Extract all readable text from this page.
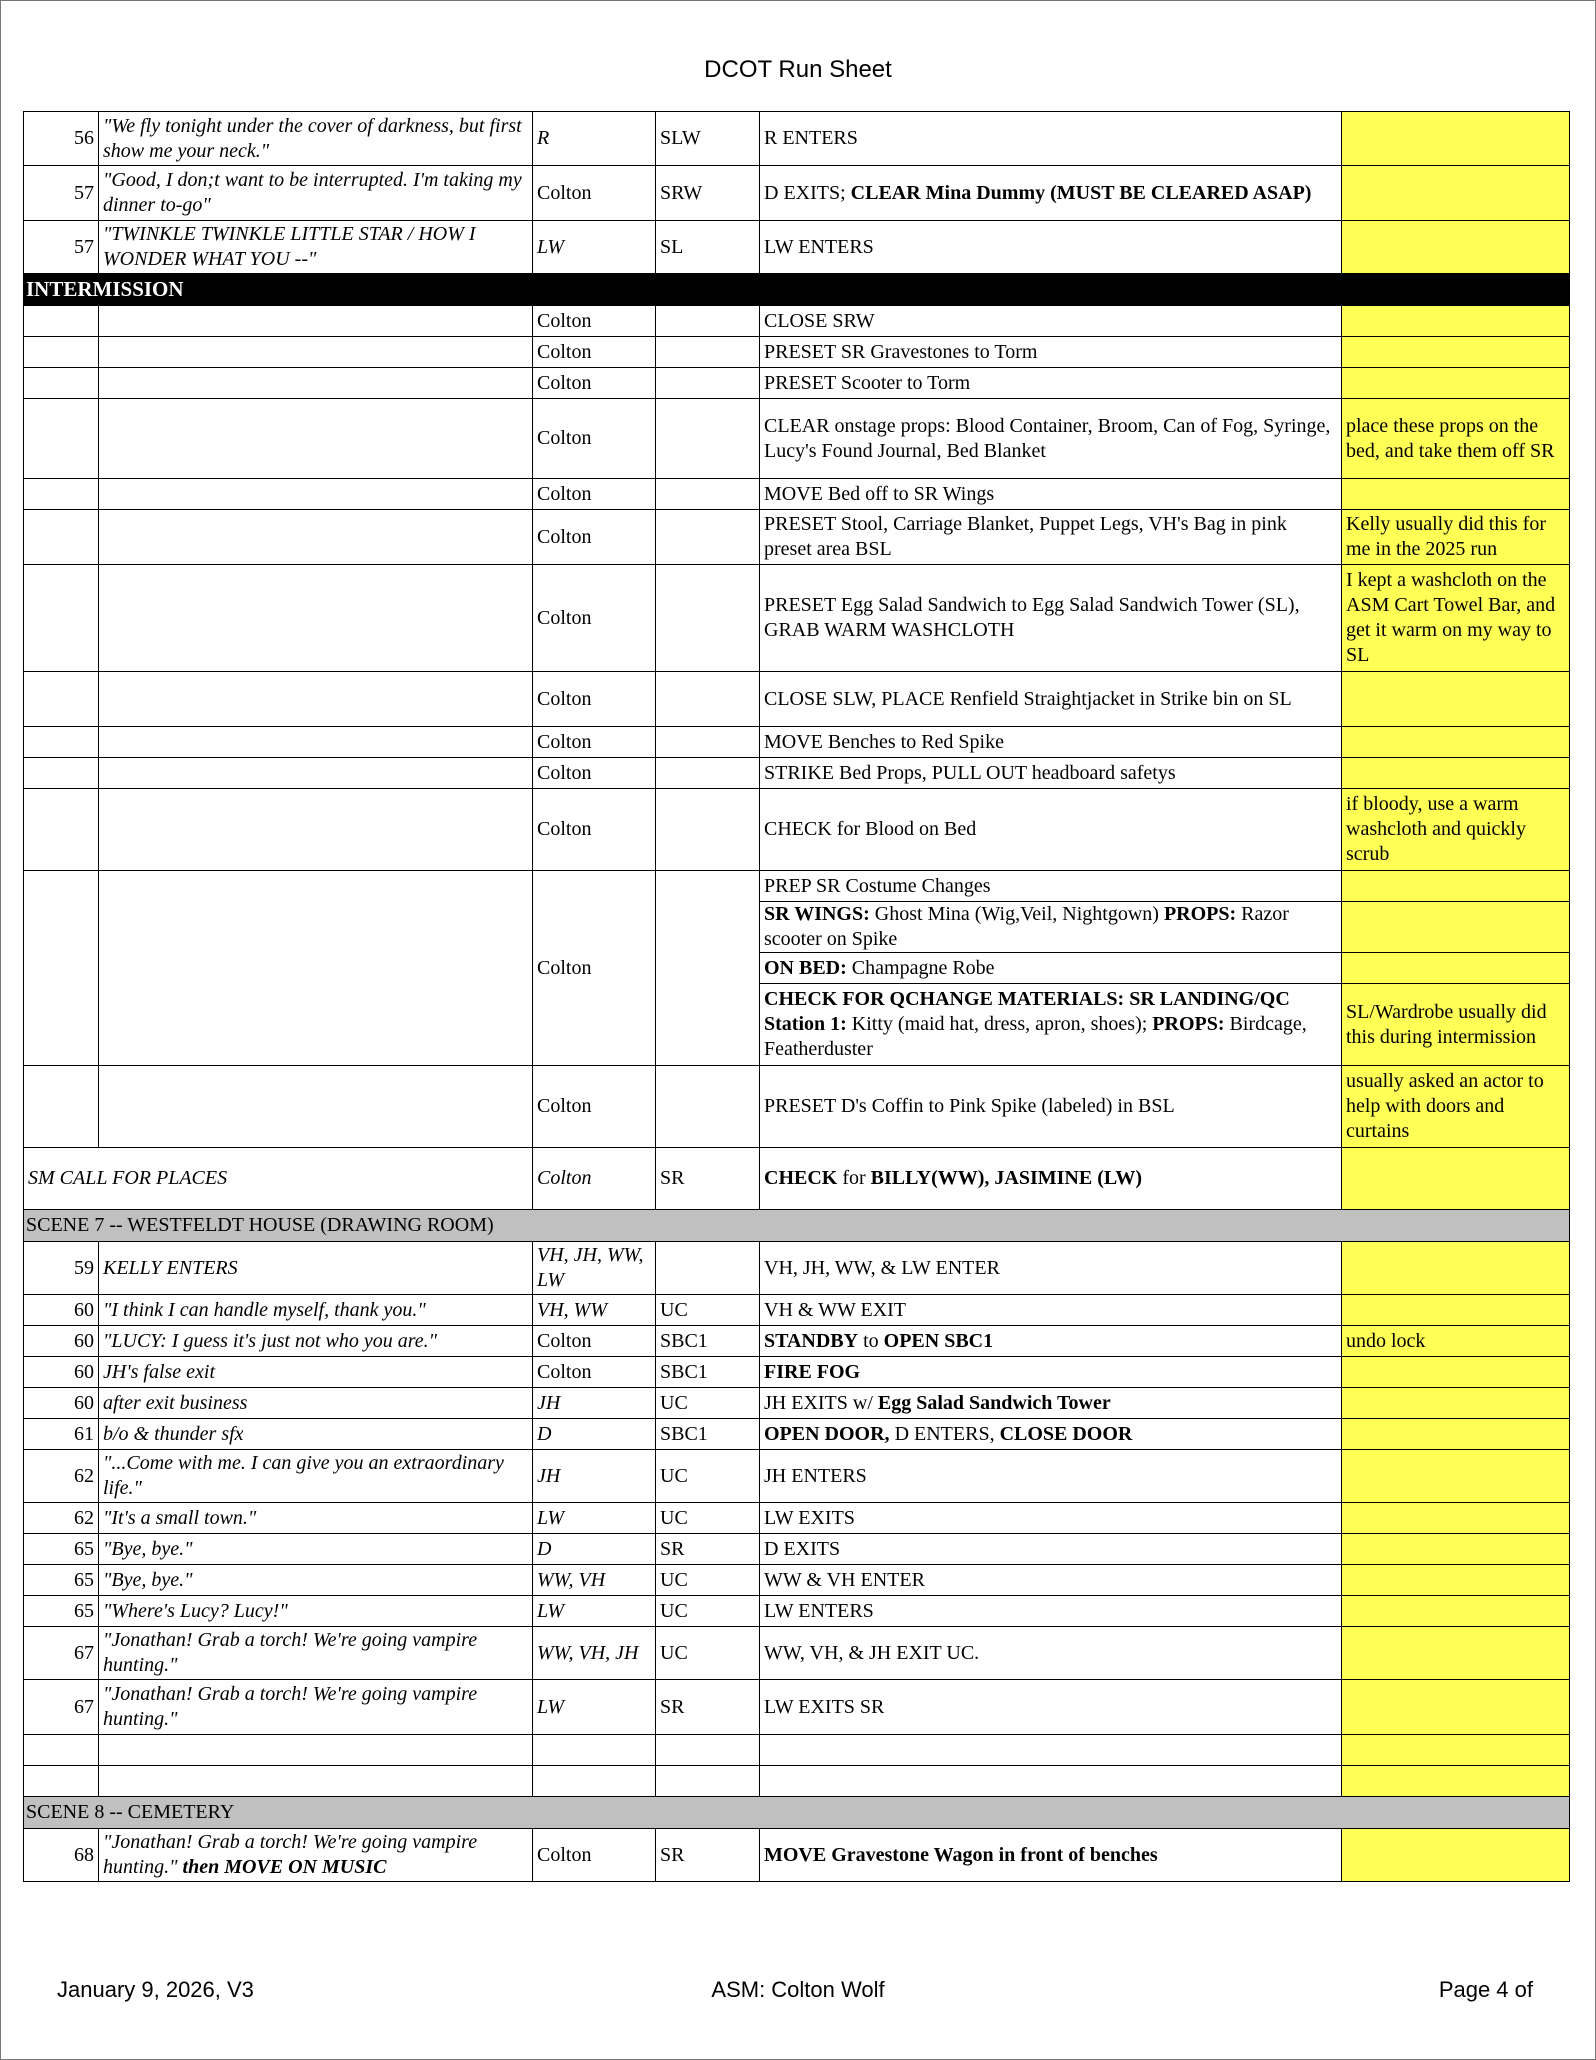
DCOT Run Sheet
56	"We fly tonight under the cover of darkness, but first show me your neck."	R	SLW	R ENTERS	
57	"Good, I don;t want to be interrupted. I'm taking my dinner to-go"	Colton	SRW	D EXITS; CLEAR Mina Dummy (MUST BE CLEARED ASAP)	
57	"TWINKLE TWINKLE LITTLE STAR / HOW I WONDER WHAT YOU --"	LW	SL	LW ENTERS	
INTERMISSION					
		Colton		CLOSE SRW	
		Colton		PRESET SR Gravestones to Torm	
		Colton		PRESET Scooter to Torm	
		Colton		CLEAR onstage props: Blood Container, Broom, Can of Fog, Syringe, Lucy's Found Journal, Bed Blanket	place these props on the bed, and take them off SR
		Colton		MOVE Bed off to SR Wings	
		Colton		PRESET Stool, Carriage Blanket, Puppet Legs, VH's Bag in pink preset area BSL	Kelly usually did this for me in the 2025 run
		Colton		PRESET Egg Salad Sandwich to Egg Salad Sandwich Tower (SL), GRAB WARM WASHCLOTH	I kept a washcloth on the ASM Cart Towel Bar, and get it warm on my way to SL
		Colton		CLOSE SLW, PLACE Renfield Straightjacket in Strike bin on SL	
		Colton		MOVE Benches to Red Spike	
		Colton		STRIKE Bed Props, PULL OUT headboard safetys	
		Colton		CHECK for Blood on Bed	if bloody, use a warm washcloth and quickly scrub
		Colton		PREP SR Costume Changes	
				SR WINGS: Ghost Mina (Wig,Veil, Nightgown) PROPS: Razor scooter on Spike	
				ON BED: Champagne Robe	
				CHECK FOR QCHANGE MATERIALS: SR LANDING/QC Station 1: Kitty (maid hat, dress, apron, shoes); PROPS: Birdcage, Featherduster	SL/Wardrobe usually did this during intermission
		Colton		PRESET D's Coffin to Pink Spike (labeled) in BSL	usually asked an actor to help with doors and curtains
SM CALL FOR PLACES		Colton	SR	CHECK for BILLY(WW), JASIMINE (LW)	
SCENE 7 -- WESTFELDT HOUSE (DRAWING ROOM)					
59	KELLY ENTERS	VH, JH, WW, LW		VH, JH, WW, & LW ENTER	
60	"I think I can handle myself, thank you."	VH, WW	UC	VH & WW EXIT	
60	"LUCY: I guess it's just not who you are."	Colton	SBC1	STANDBY to OPEN SBC1	undo lock
60	JH's false exit	Colton	SBC1	FIRE FOG	
60	after exit business	JH	UC	JH EXITS w/ Egg Salad Sandwich Tower	
61	b/o & thunder sfx	D	SBC1	OPEN DOOR, D ENTERS, CLOSE DOOR	
62	"...Come with me. I can give you an extraordinary life."	JH	UC	JH ENTERS	
62	"It's a small town."	LW	UC	LW EXITS	
65	"Bye, bye."	D	SR	D EXITS	
65	"Bye, bye."	WW, VH	UC	WW & VH ENTER	
65	"Where's Lucy? Lucy!"	LW	UC	LW ENTERS	
67	"Jonathan! Grab a torch! We're going vampire hunting."	WW, VH, JH	UC	WW, VH, & JH EXIT UC.	
67	"Jonathan! Grab a torch! We're going vampire hunting."	LW	SR	LW EXITS SR	

SCENE 8 -- CEMETERY					
68	"Jonathan! Grab a torch! We're going vampire hunting." then MOVE ON MUSIC	Colton	SR	MOVE Gravestone Wagon in front of benches	
January 9, 2026, V3	ASM: Colton Wolf	Page 4 of
